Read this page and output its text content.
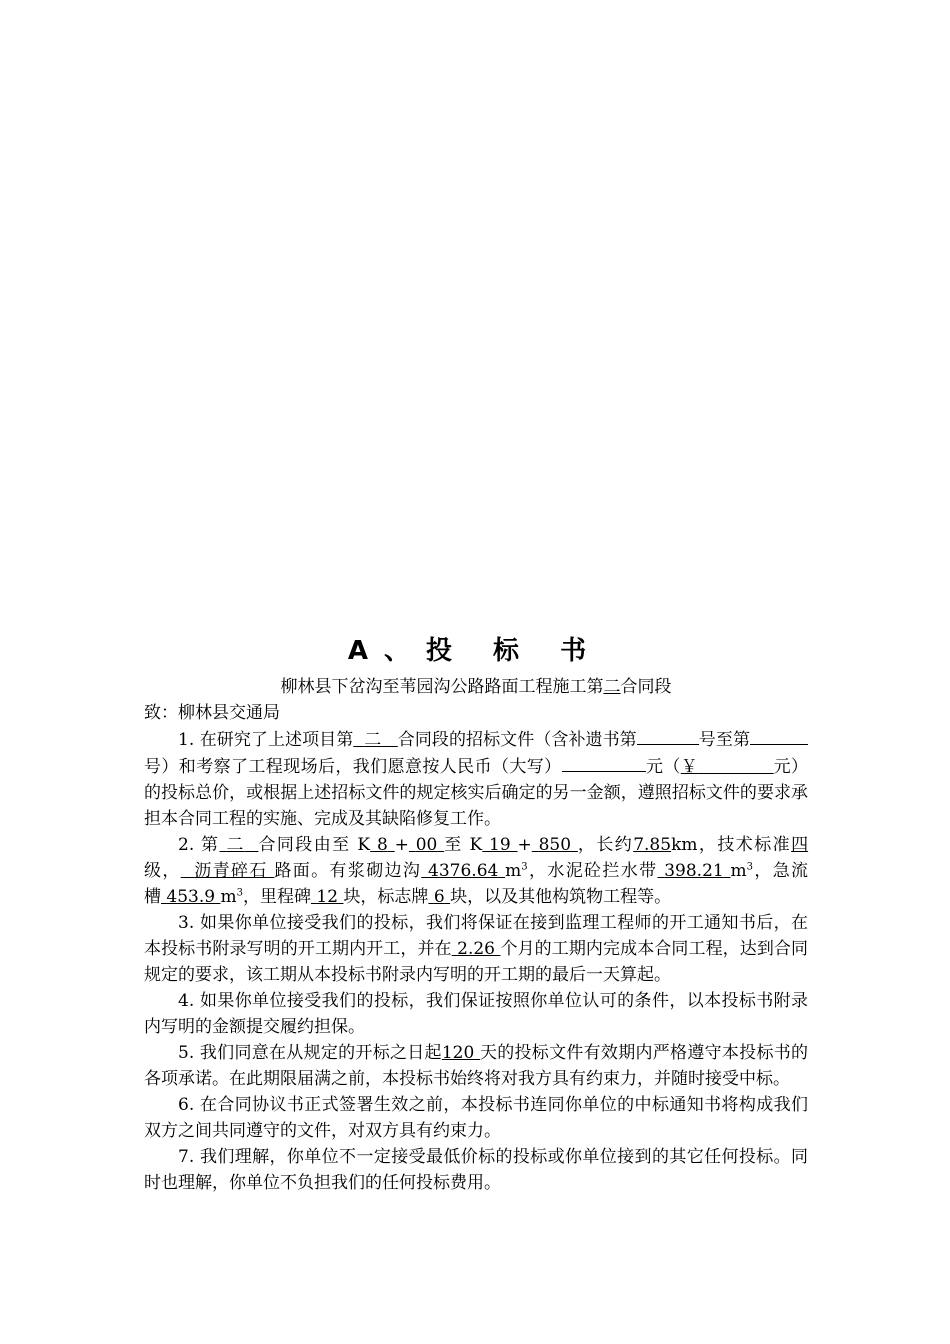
A、投 标 书
柳林县下岔沟至苇园沟公路路面工程施工第二合同段
致：柳林县交通局

1. 在研究了上述项目第 二 合同段的招标文件（含补遗书第	号至第号）和考察了工程现场后，我们愿意按人民币（大写）	元（￥	元）的投标总价，或根据上述招标文件的规定核实后确定的另一金额，遵照招标文件的要求承担本合同工程的实施、完成及其缺陷修复工作。

2. 第 二 合同段由至 K 8 + 00 至 K 19 + 850 ，长约7.85km，技术标准四级， 沥青碎石 路面。有浆砌边沟 4376.64 $m^3$，水泥砼拦水带 398.21 $m^3$，急流槽 453.9 $m^3$，里程碑 12 块，标志牌 6 块，以及其他构筑物工程等。

3. 如果你单位接受我们的投标，我们将保证在接到监理工程师的开工通知书后，在本投标书附录写明的开工期内开工，并在 2.26 个月的工期内完成本合同工程，达到合同规定的要求，该工期从本投标书附录内写明的开工期的最后一天算起。

4. 如果你单位接受我们的投标，我们保证按照你单位认可的条件，以本投标书附录内写明的金额提交履约担保。

5. 我们同意在从规定的开标之日起120 天的投标文件有效期内严格遵守本投标书的各项承诺。在此期限届满之前，本投标书始终将对我方具有约束力，并随时接受中标。

6. 在合同协议书正式签署生效之前，本投标书连同你单位的中标通知书将构成我们双方之间共同遵守的文件，对双方具有约束力。

7. 我们理解，你单位不一定接受最低价标的投标或你单位接到的其它任何投标。同时也理解，你单位不负担我们的任何投标费用。
